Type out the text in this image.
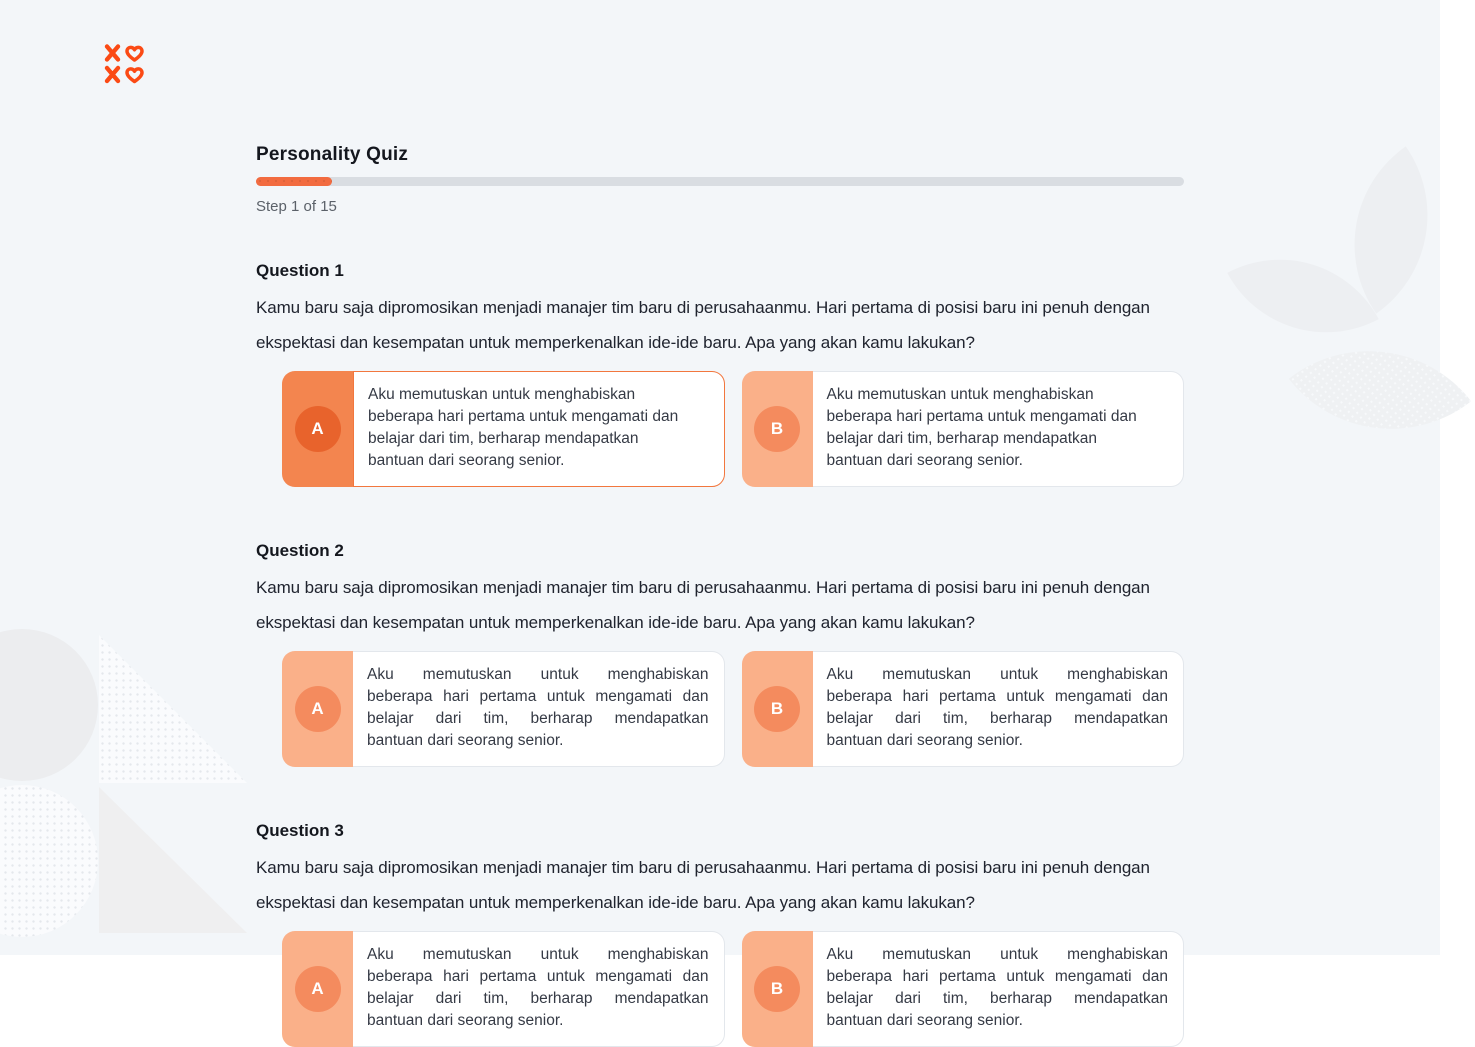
Personality Quiz
Step 1 of 15
Question 1
Kamu baru saja dipromosikan menjadi manajer tim baru di perusahaanmu. Hari pertama di posisi baru ini penuh dengan
ekspektasi dan kesempatan untuk memperkenalkan ide-ide baru. Apa yang akan kamu lakukan?
A
Aku memutuskan untuk menghabiskan
beberapa hari pertama untuk mengamati dan
belajar dari tim, berharap mendapatkan
bantuan dari seorang senior.
B
Aku memutuskan untuk menghabiskan
beberapa hari pertama untuk mengamati dan
belajar dari tim, berharap mendapatkan
bantuan dari seorang senior.
Question 2
Kamu baru saja dipromosikan menjadi manajer tim baru di perusahaanmu. Hari pertama di posisi baru ini penuh dengan
ekspektasi dan kesempatan untuk memperkenalkan ide-ide baru. Apa yang akan kamu lakukan?
A
Aku memutuskan untuk menghabiskan
beberapa hari pertama untuk mengamati dan
belajar dari tim, berharap mendapatkan
bantuan dari seorang senior.
B
Aku memutuskan untuk menghabiskan
beberapa hari pertama untuk mengamati dan
belajar dari tim, berharap mendapatkan
bantuan dari seorang senior.
Question 3
Kamu baru saja dipromosikan menjadi manajer tim baru di perusahaanmu. Hari pertama di posisi baru ini penuh dengan
ekspektasi dan kesempatan untuk memperkenalkan ide-ide baru. Apa yang akan kamu lakukan?
A
Aku memutuskan untuk menghabiskan
beberapa hari pertama untuk mengamati dan
belajar dari tim, berharap mendapatkan
bantuan dari seorang senior.
B
Aku memutuskan untuk menghabiskan
beberapa hari pertama untuk mengamati dan
belajar dari tim, berharap mendapatkan
bantuan dari seorang senior.
